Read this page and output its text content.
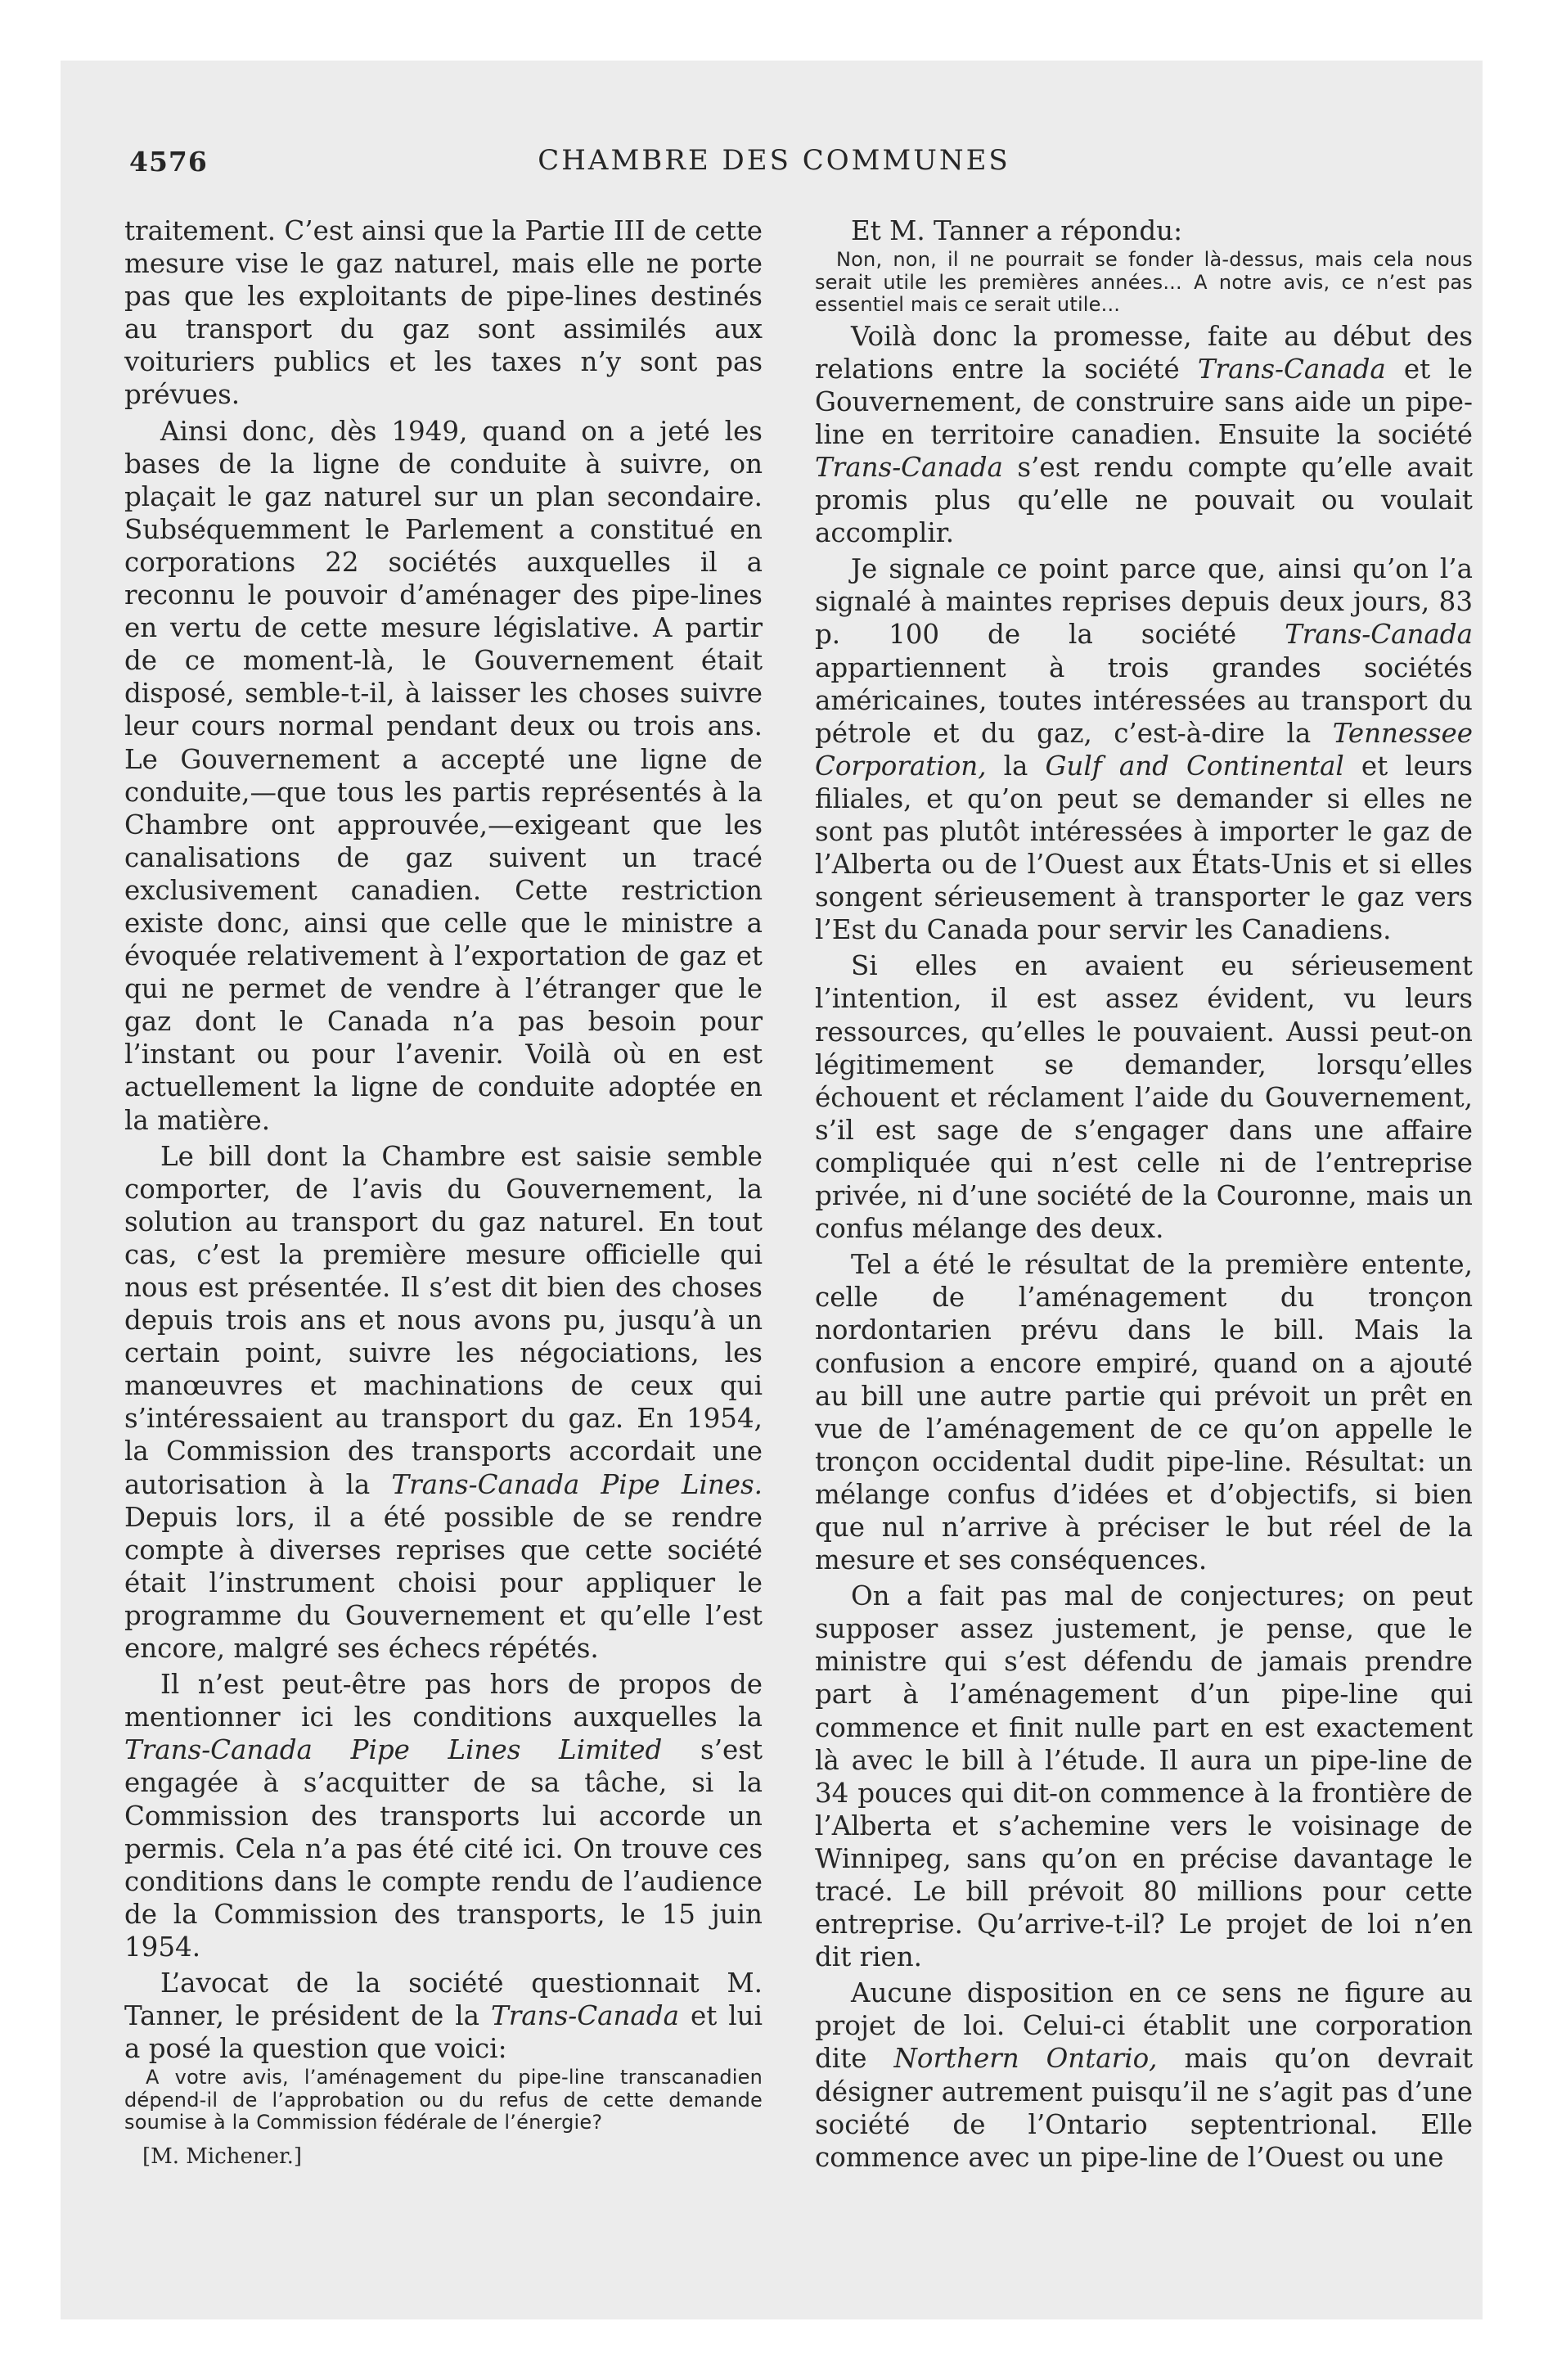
4576	CHAMBRE DES COMMUNES

traitement. C’est ainsi que la Partie III de cette mesure vise le gaz naturel, mais elle ne porte pas que les exploitants de pipe-lines destinés au transport du gaz sont assimilés aux voituriers publics et les taxes n’y sont pas prévues.

Ainsi donc, dès 1949, quand on a jeté les bases de la ligne de conduite à suivre, on plaçait le gaz naturel sur un plan secondaire. Subséquemment le Parlement a constitué en corporations 22 sociétés auxquelles il a reconnu le pouvoir d’aménager des pipe-lines en vertu de cette mesure législative. A partir de ce moment-là, le Gouvernement était disposé, semble-t-il, à laisser les choses suivre leur cours normal pendant deux ou trois ans. Le Gouvernement a accepté une ligne de conduite,—que tous les partis représentés à la Chambre ont approuvée,—exigeant que les canalisations de gaz suivent un tracé exclusivement canadien. Cette restriction existe donc, ainsi que celle que le ministre a évoquée relativement à l’exportation de gaz et qui ne permet de vendre à l’étranger que le gaz dont le Canada n’a pas besoin pour l’instant ou pour l’avenir. Voilà où en est actuellement la ligne de conduite adoptée en la matière.

Le bill dont la Chambre est saisie semble comporter, de l’avis du Gouvernement, la solution au transport du gaz naturel. En tout cas, c’est la première mesure officielle qui nous est présentée. Il s’est dit bien des choses depuis trois ans et nous avons pu, jusqu’à un certain point, suivre les négociations, les manœuvres et machinations de ceux qui s’intéressaient au transport du gaz. En 1954, la Commission des transports accordait une autorisation à la Trans-Canada Pipe Lines. Depuis lors, il a été possible de se rendre compte à diverses reprises que cette société était l’instrument choisi pour appliquer le programme du Gouvernement et qu’elle l’est encore, malgré ses échecs répétés.

Il n’est peut-être pas hors de propos de mentionner ici les conditions auxquelles la Trans-Canada Pipe Lines Limited s’est engagée à s’acquitter de sa tâche, si la Commission des transports lui accorde un permis. Cela n’a pas été cité ici. On trouve ces conditions dans le compte rendu de l’audience de la Commission des transports, le 15 juin 1954.

L’avocat de la société questionnait M. Tanner, le président de la Trans-Canada et lui a posé la question que voici:

A votre avis, l’aménagement du pipe-line transcanadien dépend-il de l’approbation ou du refus de cette demande soumise à la Commission fédérale de l’énergie?

[M. Michener.]

Et M. Tanner a répondu:

Non, non, il ne pourrait se fonder là-dessus, mais cela nous serait utile les premières années... A notre avis, ce n’est pas essentiel mais ce serait utile...

Voilà donc la promesse, faite au début des relations entre la société Trans-Canada et le Gouvernement, de construire sans aide un pipe-line en territoire canadien. Ensuite la société Trans-Canada s’est rendu compte qu’elle avait promis plus qu’elle ne pouvait ou voulait accomplir.

Je signale ce point parce que, ainsi qu’on l’a signalé à maintes reprises depuis deux jours, 83 p. 100 de la société Trans-Canada appartiennent à trois grandes sociétés américaines, toutes intéressées au transport du pétrole et du gaz, c’est-à-dire la Tennessee Corporation, la Gulf and Continental et leurs filiales, et qu’on peut se demander si elles ne sont pas plutôt intéressées à importer le gaz de l’Alberta ou de l’Ouest aux États-Unis et si elles songent sérieusement à transporter le gaz vers l’Est du Canada pour servir les Canadiens.

Si elles en avaient eu sérieusement l’intention, il est assez évident, vu leurs ressources, qu’elles le pouvaient. Aussi peut-on légitimement se demander, lorsqu’elles échouent et réclament l’aide du Gouvernement, s’il est sage de s’engager dans une affaire compliquée qui n’est celle ni de l’entreprise privée, ni d’une société de la Couronne, mais un confus mélange des deux.

Tel a été le résultat de la première entente, celle de l’aménagement du tronçon nordontarien prévu dans le bill. Mais la confusion a encore empiré, quand on a ajouté au bill une autre partie qui prévoit un prêt en vue de l’aménagement de ce qu’on appelle le tronçon occidental dudit pipe-line. Résultat: un mélange confus d’idées et d’objectifs, si bien que nul n’arrive à préciser le but réel de la mesure et ses conséquences.

On a fait pas mal de conjectures; on peut supposer assez justement, je pense, que le ministre qui s’est défendu de jamais prendre part à l’aménagement d’un pipe-line qui commence et finit nulle part en est exactement là avec le bill à l’étude. Il aura un pipe-line de 34 pouces qui dit-on commence à la frontière de l’Alberta et s’achemine vers le voisinage de Winnipeg, sans qu’on en précise davantage le tracé. Le bill prévoit 80 millions pour cette entreprise. Qu’arrive-t-il? Le projet de loi n’en dit rien.

Aucune disposition en ce sens ne figure au projet de loi. Celui-ci établit une corporation dite Northern Ontario, mais qu’on devrait désigner autrement puisqu’il ne s’agit pas d’une société de l’Ontario septentrional. Elle commence avec un pipe-line de l’Ouest ou une
